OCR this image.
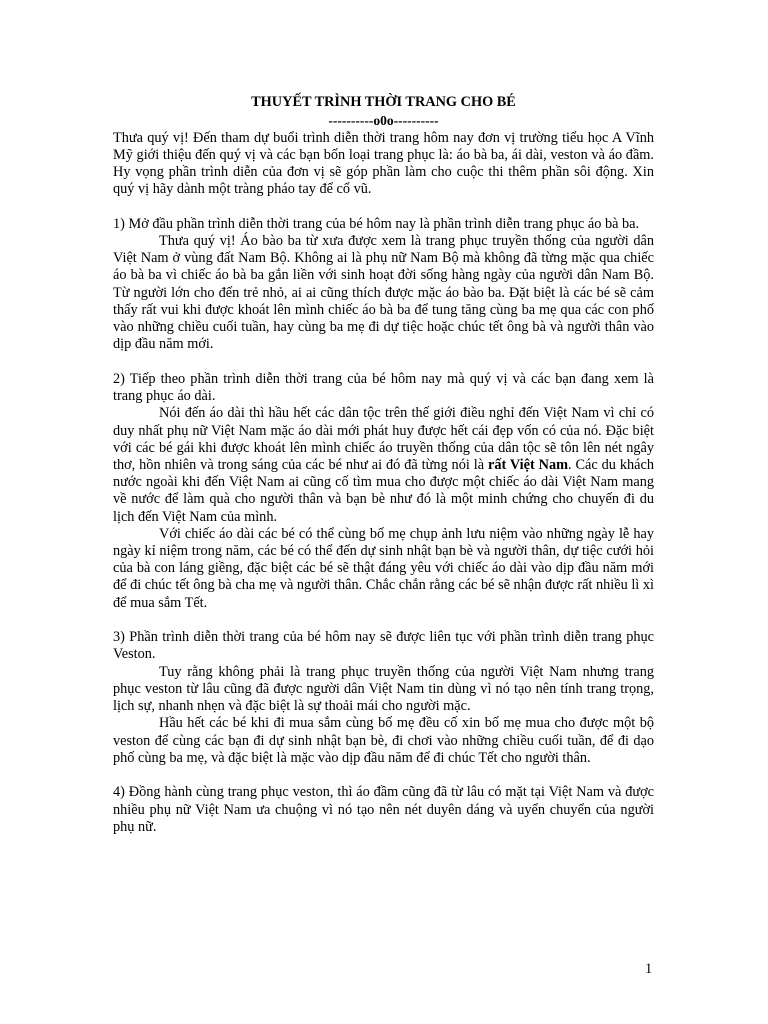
THUYẾT TRÌNH THỜI TRANG CHO BÉ
----------o0o----------

Thưa quý vị! Đến tham dự buổi trình diễn thời trang hôm nay đơn vị trường tiểu học A Vĩnh Mỹ giới thiệu đến quý vị và các bạn bốn loại trang phục là: áo bà ba, ái dài, veston và áo đầm. Hy vọng phần trình diễn của đơn vị sẽ góp phần làm cho cuộc thi thêm phần sôi động. Xin quý vị hãy dành một tràng pháo tay để cổ vũ.

1) Mở đầu phần trình diễn thời trang của bé hôm nay là phần trình diễn trang phục áo bà ba.

Thưa quý vị! Áo bào ba từ xưa được xem là trang phục truyền thống của người dân Việt Nam ở vùng đất Nam Bộ. Không ai là phụ nữ Nam Bộ mà không đã từng mặc qua chiếc áo bà ba vì chiếc áo bà ba gắn liền với sinh hoạt đời sống hàng ngày của người dân Nam Bộ. Từ người lớn cho đến trẻ nhỏ, ai ai cũng thích được mặc áo bào ba. Đặt biệt là các bé sẽ cảm thấy rất vui khi được khoát lên mình chiếc áo bà ba để tung tăng cùng ba mẹ qua các con phố vào những chiều cuối tuần, hay cùng ba mẹ đi dự tiệc hoặc chúc tết ông bà và người thân vào dịp đầu năm mới.

2) Tiếp theo phần trình diễn thời trang của bé hôm nay mà quý vị và các bạn đang xem là trang phục áo dài.

Nói đến áo dài thì hầu hết các dân tộc trên thế giới điều nghỉ đến Việt Nam vì chỉ có duy nhất phụ nữ Việt Nam mặc áo dài mới phát huy được hết cái đẹp vốn có của nó. Đặc biệt với các bé gái khi được khoát lên mình chiếc áo truyền thống của dân tộc sẽ tôn lên nét ngây thơ, hồn nhiên và trong sáng của các bé như ai đó đã từng nói là rất Việt Nam. Các du khách nước ngoài khi đến Việt Nam ai cũng cố tìm mua cho được một chiếc áo dài Việt Nam mang về nước để làm quà cho người thân và bạn bè như đó là một minh chứng cho chuyến đi du lịch đến Việt Nam của mình.

Với chiếc áo dài các bé có thể cùng bố mẹ chụp ảnh lưu niệm vào những ngày lễ hay ngày kỉ niệm trong năm, các bé có thể đến dự sinh nhật bạn bè và người thân, dự tiệc cưới hỏi của bà con láng giềng, đặc biệt các bé sẽ thật đáng yêu với chiếc áo dài vào dịp đầu năm mới để đi chúc tết ông bà cha mẹ và người thân. Chắc chắn rằng các bé sẽ nhận được rất nhiều lì xì để mua sắm Tết.

3) Phần trình diễn thời trang của bé hôm nay sẽ được liên tục với phần trình diễn trang phục Veston.

Tuy rằng không phải là trang phục truyền thống của người Việt Nam nhưng trang phục veston từ lâu cũng đã được người dân Việt Nam tin dùng vì nó tạo nên tính trang trọng, lịch sự, nhanh nhẹn và đặc biệt là sự thoải mái cho người mặc.

Hầu hết các bé khi đi mua sắm cùng bố mẹ đều cố xin bố mẹ mua cho được một bộ veston để cùng các bạn đi dự sinh nhật bạn bè, đi chơi vào những chiều cuối tuần, để đi dạo phố cùng ba mẹ, và đặc biệt là mặc vào dịp đầu năm để đi chúc Tết cho người thân.

4) Đồng hành cùng trang phục veston, thì áo đầm cũng đã từ lâu có mặt tại Việt Nam và được nhiều phụ nữ Việt Nam ưa chuộng vì nó tạo nên nét duyên dáng và uyển chuyển của người phụ nữ.

1
